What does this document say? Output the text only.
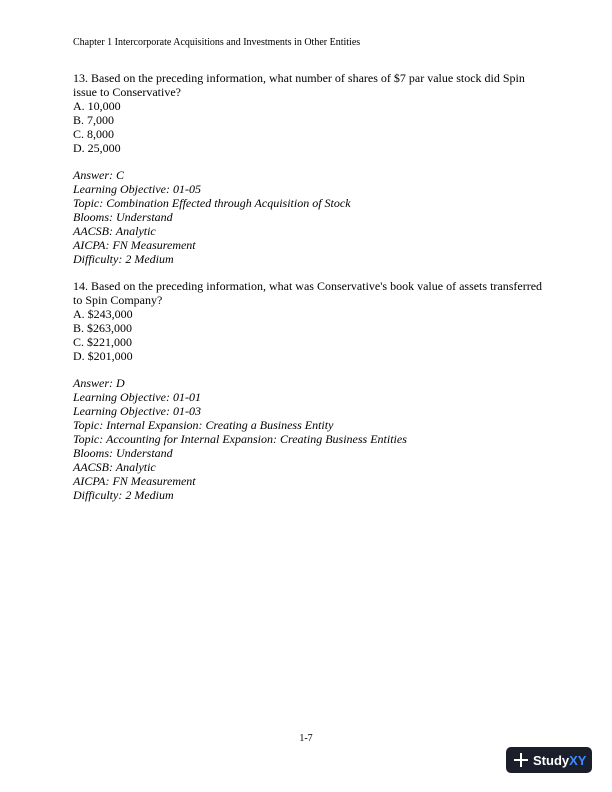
Chapter 1 Intercorporate Acquisitions and Investments in Other Entities

13. Based on the preceding information, what number of shares of $7 par value stock did Spin issue to Conservative?

A. 10,000
B. 7,000
C. 8,000
D. 25,000

Answer: C

Learning Objective: 01-05

Topic: Combination Effected through Acquisition of Stock

Blooms: Understand

AACSB: Analytic

AICPA: FN Measurement

Difficulty: 2 Medium

14. Based on the preceding information, what was Conservative's book value of assets transferred to Spin Company?

A. $243,000
B. $263,000
C. $221,000
D. $201,000

Answer: D

Learning Objective: 01-01

Learning Objective: 01-03

Topic: Internal Expansion: Creating a Business Entity

Topic: Accounting for Internal Expansion: Creating Business Entities

Blooms: Understand

AACSB: Analytic

AICPA: FN Measurement

Difficulty: 2 Medium

1-7
Study XY
